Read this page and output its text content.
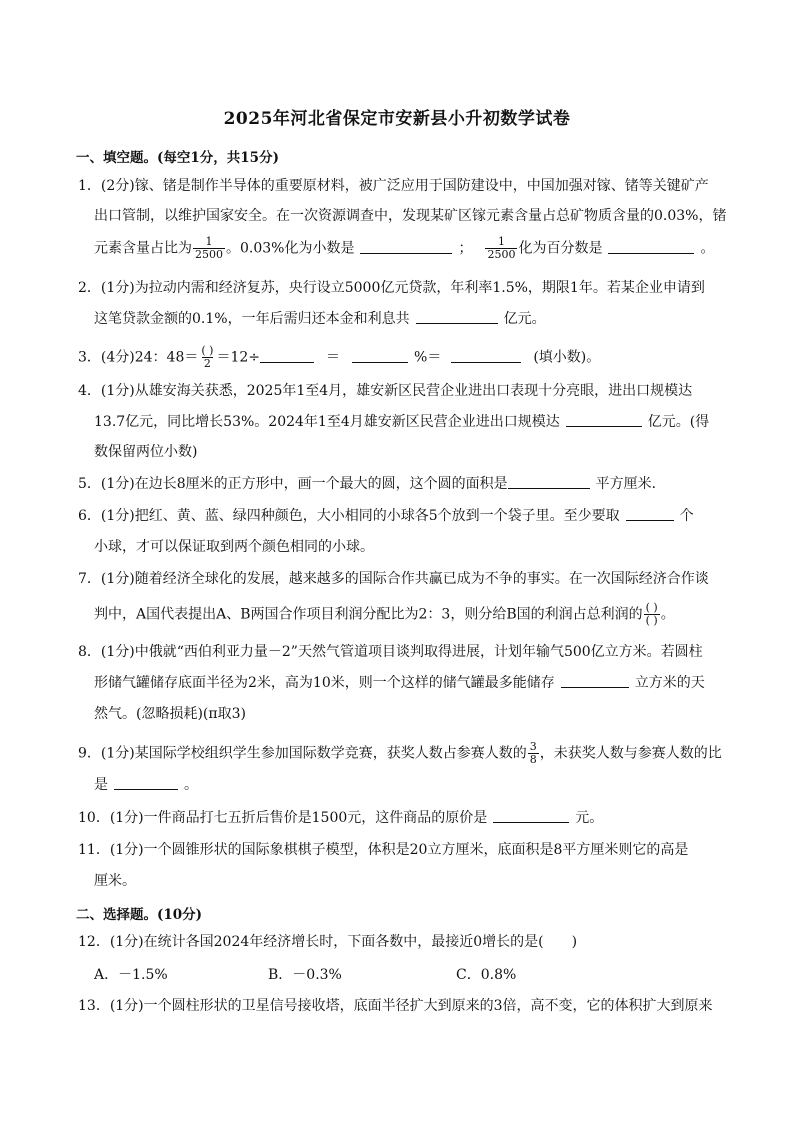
2025年河北省保定市安新县小升初数学试卷
一、填空题。(每空1分，共15分)
1．(2分)镓、锗是制作半导体的重要原材料，被广泛应用于国防建设中，中国加强对镓、锗等关键矿产
出口管制，以维护国家安全。在一次资源调查中，发现某矿区镓元素含量占总矿物质含量的0.03%，锗
元素含量占比为 $\frac{1}{2500}$ 。0.03%化为小数是	； $\frac{1}{2500}$ 化为百分数是	。
2．(1分)为拉动内需和经济复苏，央行设立5000亿元贷款，年利率1.5%，期限1年。若某企业申请到
这笔贷款金额的0.1%，一年后需归还本金和利息共	亿元。
3．(4分)24：$48= \frac{( )}{2} =12\div$	＝	%＝	(填小数)。
4．(1分)从雄安海关获悉，2025年1至4月，雄安新区民营企业进出口表现十分亮眼，进出口规模达
13.7亿元，同比增长53%。2024年1至4月雄安新区民营企业进出口规模达	亿元。(得
数保留两位小数)
5．(1分)在边长8厘米的正方形中，画一个最大的圆，这个圆的面积是	平方厘米．
6．(1分)把红、黄、蓝、绿四种颜色，大小相同的小球各5个放到一个袋子里。至少要取	个
小球，才可以保证取到两个颜色相同的小球。
7．(1分)随着经济全球化的发展，越来越多的国际合作共赢已成为不争的事实。在一次国际经济合作谈
判中，A国代表提出A、B两国合作项目利润分配比为2：3，则分给B国的利润占总利润的 $\frac{( )}{( )}$ 。
8．(1分)中俄就“西伯利亚力量－2”天然气管道项目谈判取得进展，计划年输气500亿立方米。若圆柱
形储气罐储存底面半径为2米，高为10米，则一个这样的储气罐最多能储存	立方米的天
然气。(忽略损耗)(π取3)
9．(1分)某国际学校组织学生参加国际数学竞赛，获奖人数占参赛人数的 $\frac{3}{8}$ ，未获奖人数与参赛人数的比
是	。
10．(1分)一件商品打七五折后售价是1500元，这件商品的原价是	元。
11．(1分)一个圆锥形状的国际象棋棋子模型，体积是20立方厘米，底面积是8平方厘米则它的高是
厘米。
二、选择题。(10分)
12．(1分)在统计各国2024年经济增长时，下面各数中，最接近0增长的是(　　)
A．－1.5%	B．－0.3%	C．0.8%
13．(1分)一个圆柱形状的卫星信号接收塔，底面半径扩大到原来的3倍，高不变，它的体积扩大到原来
